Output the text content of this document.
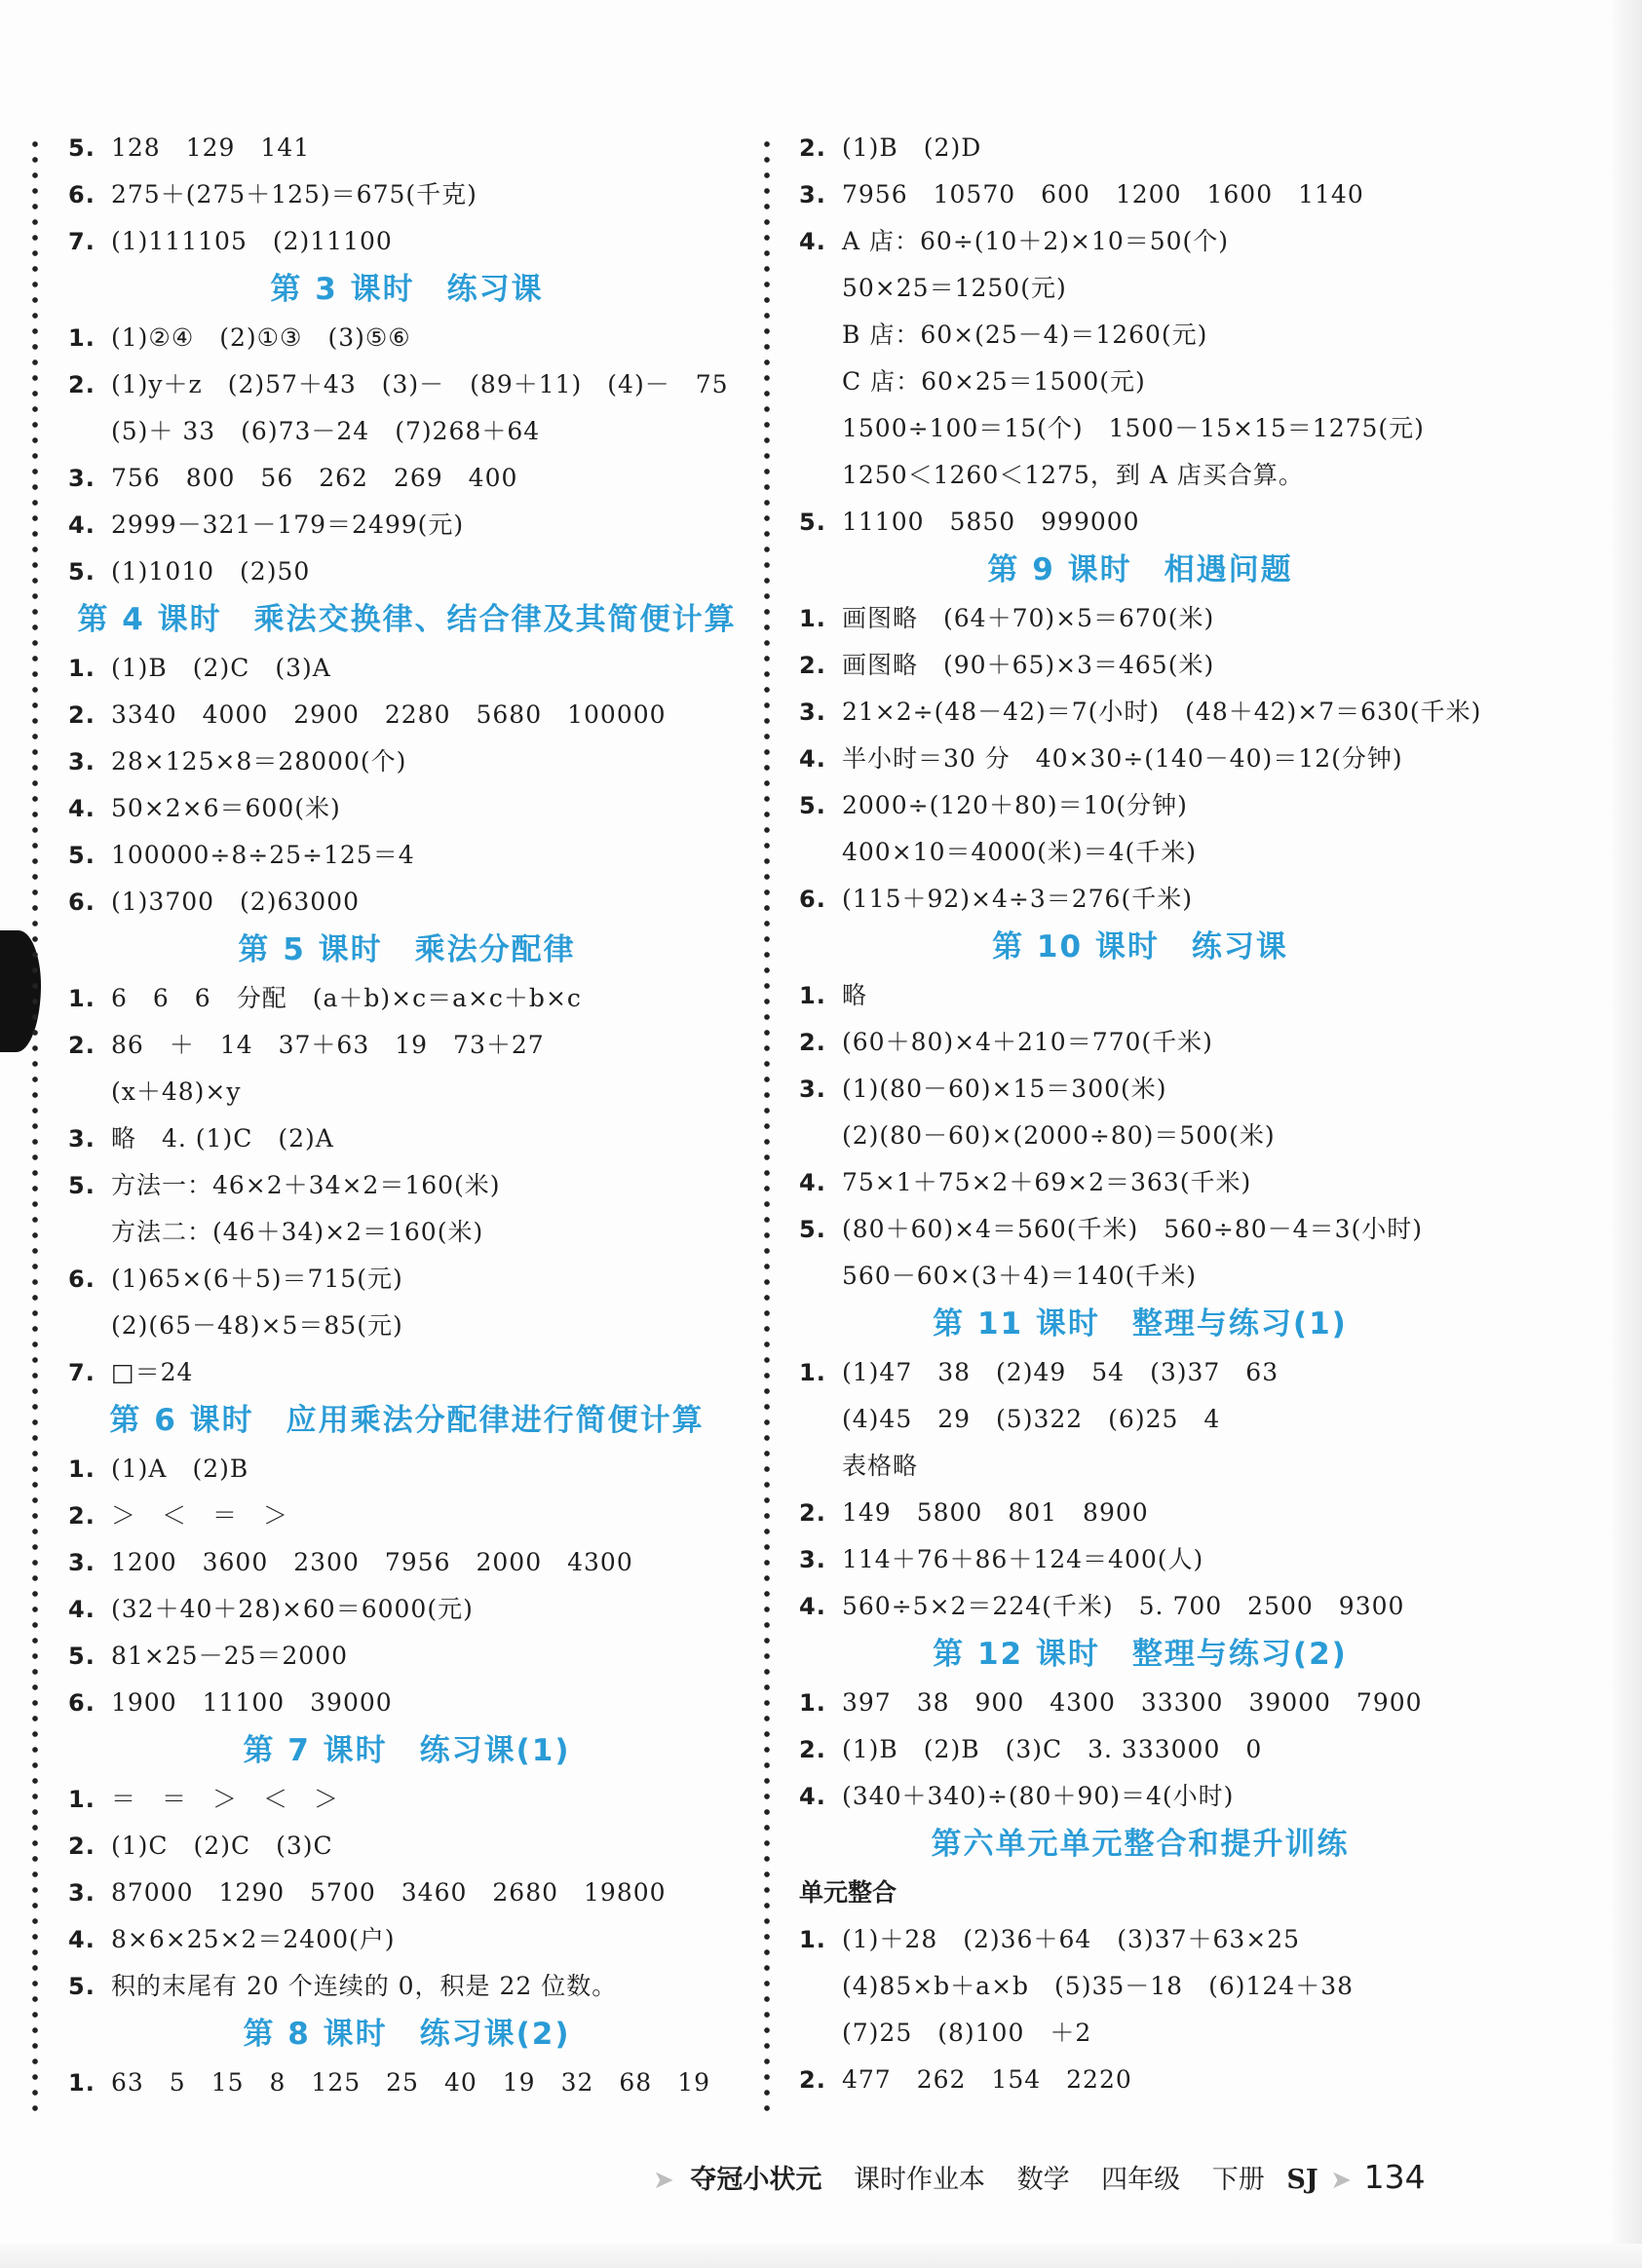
5. 128　129　141
6. 275＋(275＋125)＝675(千克)
7. (1)111105　(2)11100
第 3 课时　练习课
1. (1)②④　(2)①③　(3)⑤⑥
2. (1)y＋z　(2)57＋43　(3)－　(89＋11)　(4)－　75
(5)＋ 33　(6)73－24　(7)268＋64
3. 756　800　56　262　269　400
4. 2999－321－179＝2499(元)
5. (1)1010　(2)50
第 4 课时　乘法交换律、结合律及其简便计算
1. (1)B　(2)C　(3)A
2. 3340　4000　2900　2280　5680　100000
3. 28×125×8＝28000(个)
4. 50×2×6＝600(米)
5. 100000÷8÷25÷125＝4
6. (1)3700　(2)63000
第 5 课时　乘法分配律
1. 6　6　6　分配　(a＋b)×c＝a×c＋b×c
2. 86　＋　14　37＋63　19　73＋27
(x＋48)×y
3. 略　4. (1)C　(2)A
5. 方法一：46×2＋34×2＝160(米)
方法二：(46＋34)×2＝160(米)
6. (1)65×(6＋5)＝715(元)
(2)(65－48)×5＝85(元)
7. □＝24
第 6 课时　应用乘法分配律进行简便计算
1. (1)A　(2)B
2. ＞　＜　＝　＞
3. 1200　3600　2300　7956　2000　4300
4. (32＋40＋28)×60＝6000(元)
5. 81×25－25＝2000
6. 1900　11100　39000
第 7 课时　练习课(1)
1. ＝　＝　＞　＜　＞
2. (1)C　(2)C　(3)C
3. 87000　1290　5700　3460　2680　19800
4. 8×6×25×2＝2400(户)
5. 积的末尾有 20 个连续的 0，积是 22 位数。
第 8 课时　练习课(2)
1. 63　5　15　8　125　25　40　19　32　68　19
2. (1)B　(2)D
3. 7956　10570　600　1200　1600　1140
4. A 店：60÷(10＋2)×10＝50(个)
50×25＝1250(元)
B 店：60×(25－4)＝1260(元)
C 店：60×25＝1500(元)
1500÷100＝15(个)　1500－15×15＝1275(元)
1250＜1260＜1275，到 A 店买合算。
5. 11100　5850　999000
第 9 课时　相遇问题
1. 画图略　(64＋70)×5＝670(米)
2. 画图略　(90＋65)×3＝465(米)
3. 21×2÷(48－42)＝7(小时)　(48＋42)×7＝630(千米)
4. 半小时＝30 分　40×30÷(140－40)＝12(分钟)
5. 2000÷(120＋80)＝10(分钟)
400×10＝4000(米)＝4(千米)
6. (115＋92)×4÷3＝276(千米)
第 10 课时　练习课
1. 略
2. (60＋80)×4＋210＝770(千米)
3. (1)(80－60)×15＝300(米)
(2)(80－60)×(2000÷80)＝500(米)
4. 75×1＋75×2＋69×2＝363(千米)
5. (80＋60)×4＝560(千米)　560÷80－4＝3(小时)
560－60×(3＋4)＝140(千米)
第 11 课时　整理与练习(1)
1. (1)47　38　(2)49　54　(3)37　63
(4)45　29　(5)322　(6)25　4
表格略
2. 149　5800　801　8900
3. 114＋76＋86＋124＝400(人)
4. 560÷5×2＝224(千米)　5. 700　2500　9300
第 12 课时　整理与练习(2)
1. 397　38　900　4300　33300　39000　7900
2. (1)B　(2)B　(3)C　3. 333000　0
4. (340＋340)÷(80＋90)＝4(小时)
第六单元单元整合和提升训练
单元整合
1. (1)＋28　(2)36＋64　(3)37＋63×25
(4)85×b＋a×b　(5)35－18　(6)124＋38
(7)25　(8)100　＋2
2. 477　262　154　2220
➤ 夺冠小状元 课时作业本 数学 四年级 下册 SJ ➤ 134
